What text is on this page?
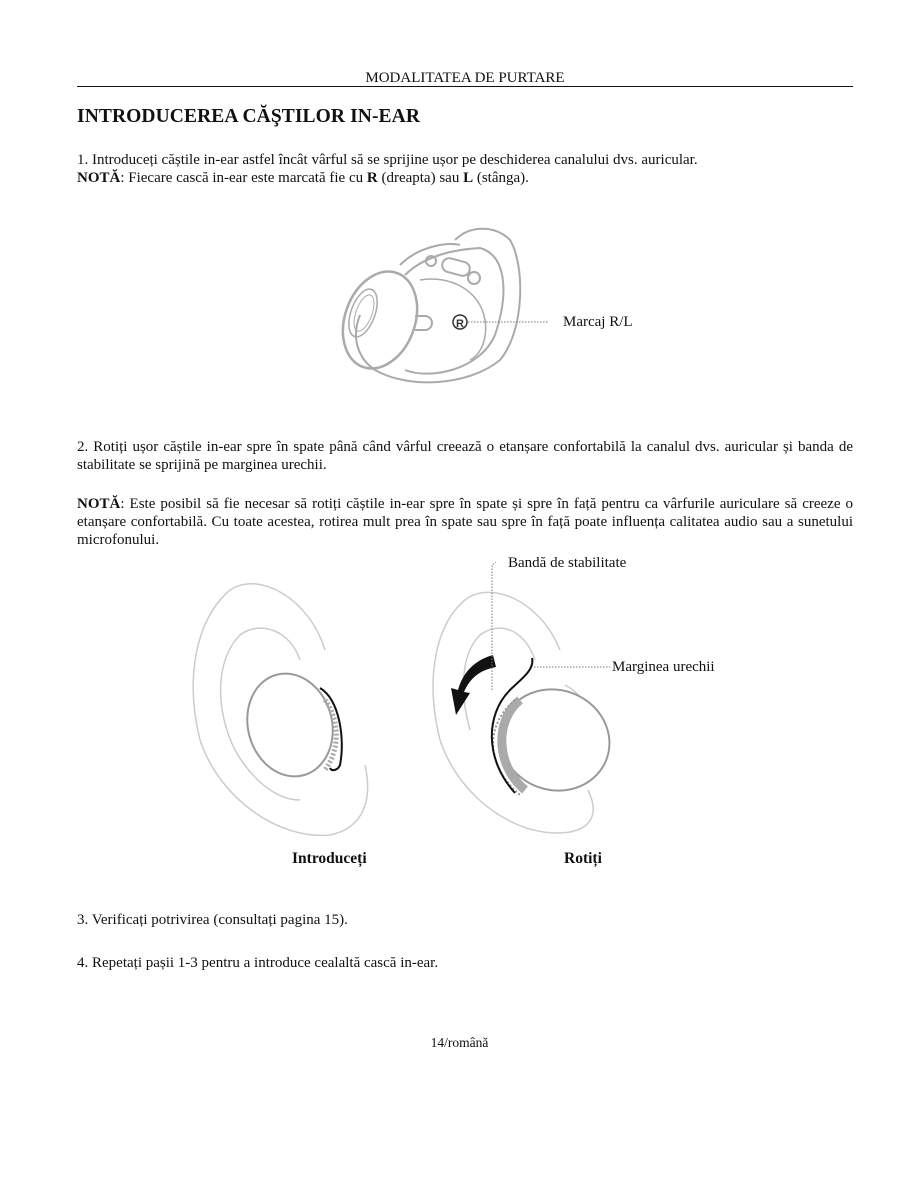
MODALITATEA DE PURTARE
INTRODUCEREA CĂŞTILOR IN-EAR
1. Introduceți căștile in-ear astfel încât vârful să se sprijine ușor pe deschiderea canalului dvs. auricular.
NOTĂ: Fiecare cască in-ear este marcată fie cu R (dreapta) sau L (stânga).
R	Marcaj R/L
2. Rotiți ușor căștile in-ear spre în spate până când vârful creează o etanșare confortabilă la canalul dvs. auricular și banda de stabilitate se sprijină pe marginea urechii.
NOTĂ: Este posibil să fie necesar să rotiți căștile in-ear spre în spate și spre în față pentru ca vârfurile auriculare să creeze o etanșare confortabilă. Cu toate acestea, rotirea mult prea în spate sau spre în față poate influența calitatea audio sau a sunetului microfonului.
Bandă de stabilitate
Marginea urechii
Introduceți	Rotiți
3. Verificați potrivirea (consultați pagina 15).
4. Repetați pașii 1-3 pentru a introduce cealaltă cască in-ear.
14/română
